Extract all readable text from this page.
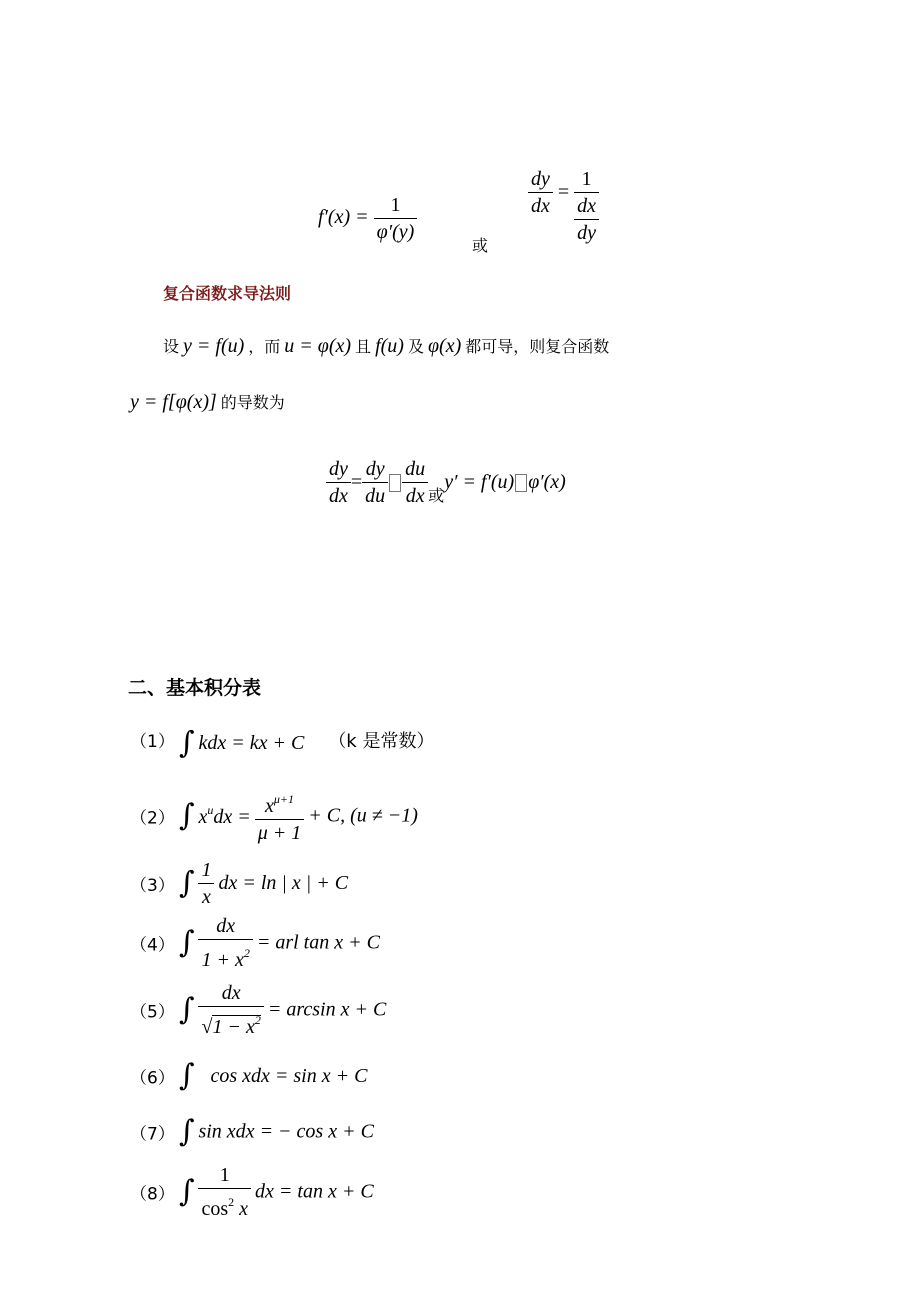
$f'(x) = \frac{1}{\varphi'(y)}$
或
$\frac{dy}{dx}$ =
1
dx
dy
复合函数求导法则
设 y = f(u) ，而 u = φ(x) 且 f(u) 及 φ(x) 都可导，则复合函数
y = f[φ(x)] 的导数为
$\frac{dy}{dx} = \frac{dy}{du} \frac{du}{dx} _或y' = f'(u)$ φ′(x)
二、基本积分表
（1） ∫ kdx = kx + C （k 是常数）
（2） ∫ $x^udx = \frac{x^{\mu+1}}{\mu + 1} + C$, (u ≠ −1)
（3） ∫ $\frac{1}{x}$ dx = ln | x | + C
（4） ∫ $\frac{dx}{1 + x^2}$ = arl tan x + C
（5） ∫ $\frac{dx}{√1 - x^2} = \arcsin x + C$
（6） ∫ cos xdx = sin x + C
（7） ∫ sin xdx = − cos x + C
（8） ∫ $\frac{1}{\cos^2 x}$ dx = tan x + C
